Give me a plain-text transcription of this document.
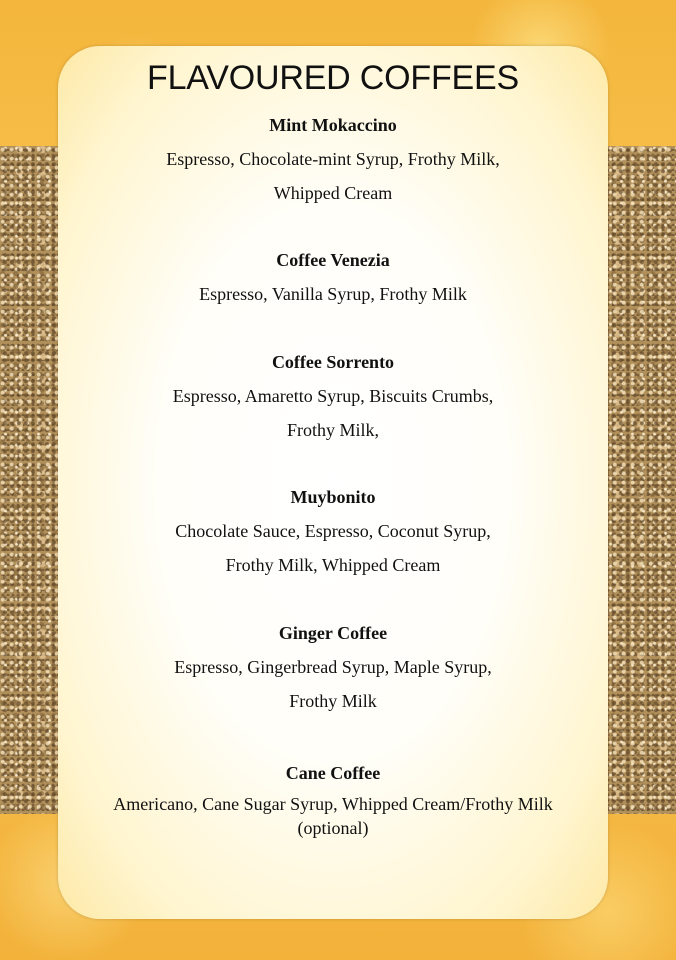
FLAVOURED COFFEES

Mint Mokaccino

Espresso, Chocolate-mint Syrup, Frothy Milk,
Whipped Cream

Coffee Venezia

Espresso, Vanilla Syrup, Frothy Milk

Coffee Sorrento

Espresso, Amaretto Syrup, Biscuits Crumbs,
Frothy Milk,

Muybonito

Chocolate Sauce, Espresso, Coconut Syrup,
Frothy Milk, Whipped Cream

Ginger Coffee

Espresso, Gingerbread Syrup, Maple Syrup,
Frothy Milk

Cane Coffee

Americano, Cane Sugar Syrup, Whipped Cream/Frothy Milk
(optional)
